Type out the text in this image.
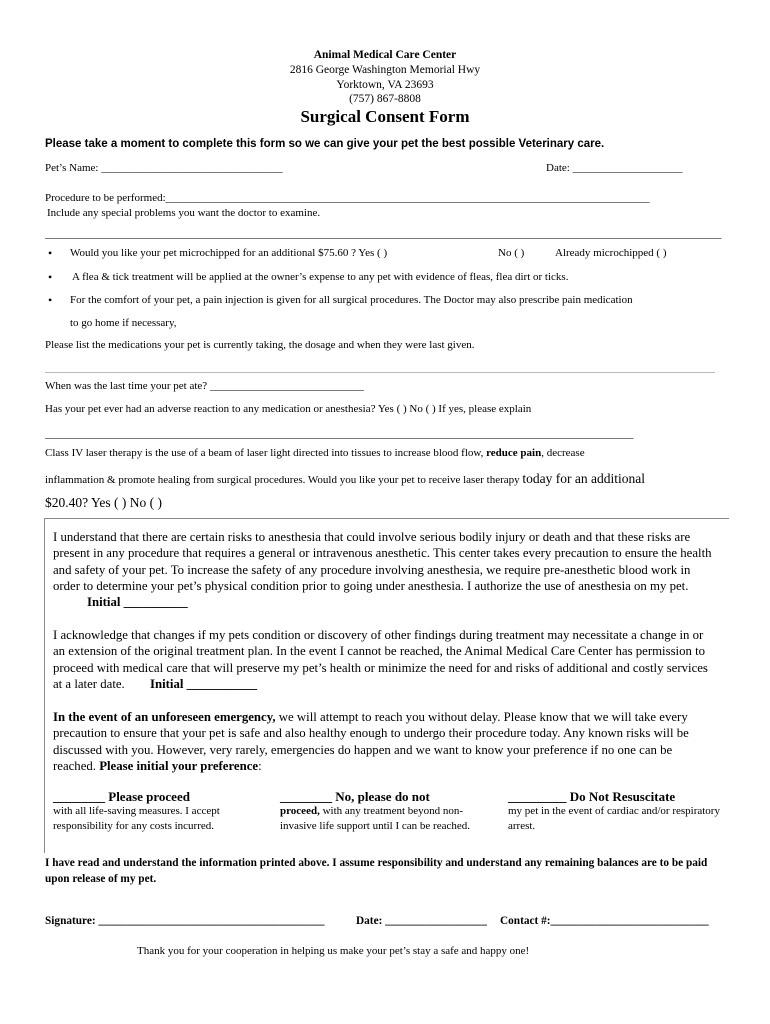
Animal Medical Care Center
2816 George Washington Memorial Hwy
Yorktown, VA 23693
(757) 867-8808
Surgical Consent Form
Please take a moment to complete this form so we can give your pet the best possible Veterinary care.
Pet’s Name: _________________________________	Date: ____________________
Procedure to be performed:________________________________________________________________________________________
Include any special problems you want the doctor to examine.
___________________________________________________________________________________________________________________________
• Would you like your pet microchipped for an additional $75.60 ? Yes ( )	No ( )	Already microchipped ( )
• A flea & tick treatment will be applied at the owner’s expense to any pet with evidence of fleas, flea dirt or ticks.
• For the comfort of your pet, a pain injection is given for all surgical procedures. The Doctor may also prescribe pain medication
to go home if necessary,
Please list the medications your pet is currently taking, the dosage and when they were last given.
When was the last time your pet ate? ____________________________
Has your pet ever had an adverse reaction to any medication or anesthesia? Yes ( ) No ( ) If yes, please explain
___________________________________________________________________________________________________________
Class IV laser therapy is the use of a beam of laser light directed into tissues to increase blood flow, reduce pain, decrease
inflammation & promote healing from surgical procedures. Would you like your pet to receive laser therapy today for an additional
$20.40? Yes ( ) No ( )
I understand that there are certain risks to anesthesia that could involve serious bodily injury or death and that these risks are present in any procedure that requires a general or intravenous anesthetic. This center takes every precaution to ensure the health and safety of your pet. To increase the safety of any procedure involving anesthesia, we require pre-anesthetic blood work in order to determine your pet’s physical condition prior to going under anesthesia. I authorize the use of anesthesia on my pet. Initial __________
I acknowledge that changes if my pets condition or discovery of other findings during treatment may necessitate a change in or an extension of the original treatment plan. In the event I cannot be reached, the Animal Medical Care Center has permission to proceed with medical care that will preserve my pet’s health or minimize the need for and risks of additional and costly services at a later date. Initial ___________
In the event of an unforeseen emergency, we will attempt to reach you without delay. Please know that we will take every precaution to ensure that your pet is safe and also healthy enough to undergo their procedure today. Any known risks will be discussed with you. However, very rarely, emergencies do happen and we want to know your preference if no one can be reached. Please initial your preference:
________ Please proceed
with all life-saving measures. I accept responsibility for any costs incurred.
________ No, please do not
proceed, with any treatment beyond non-invasive life support until I can be reached.
_________ Do Not Resuscitate
my pet in the event of cardiac and/or respiratory arrest.
I have read and understand the information printed above. I assume responsibility and understand any remaining balances are to be paid upon release of my pet.
Signature: ________________________________________	Date: __________________ Contact #:____________________________
Thank you for your cooperation in helping us make your pet’s stay a safe and happy one!
